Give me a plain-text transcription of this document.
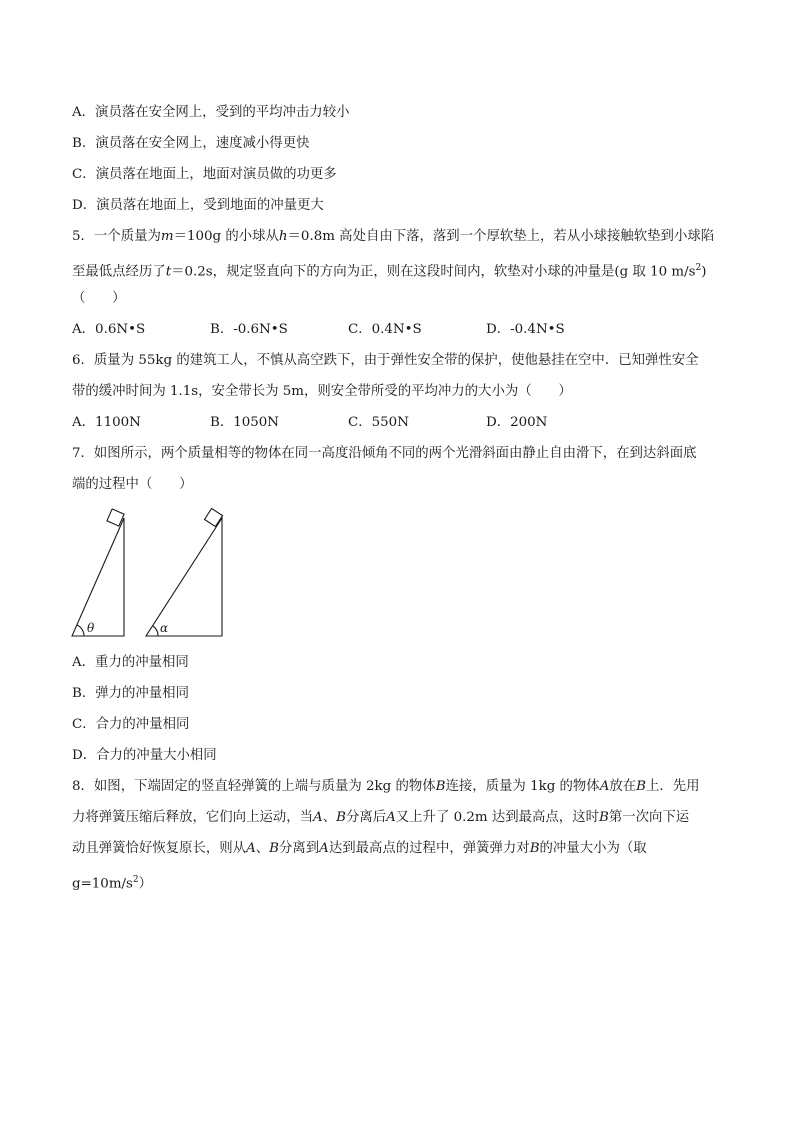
A．演员落在安全网上，受到的平均冲击力较小
B．演员落在安全网上，速度减小得更快
C．演员落在地面上，地面对演员做的功更多
D．演员落在地面上，受到地面的冲量更大
5．一个质量为m＝100g 的小球从h＝0.8m 高处自由下落，落到一个厚软垫上，若从小球接触软垫到小球陷
至最低点经历了t＝0.2s，规定竖直向下的方向为正，则在这段时间内，软垫对小球的冲量是(g 取 10 $m/s^2$)
（　　）
A．0.6N•S	B．-0.6N•S	C．0.4N•S	D．-0.4N•S
6．质量为 55kg 的建筑工人，不慎从高空跌下，由于弹性安全带的保护，使他悬挂在空中．已知弹性安全
带的缓冲时间为 1.1s，安全带长为 5m，则安全带所受的平均冲力的大小为（　　）
A．1100N	B．1050N	C．550N	D．200N
7．如图所示，两个质量相等的物体在同一高度沿倾角不同的两个光滑斜面由静止自由滑下，在到达斜面底
端的过程中（　　）
θ	α
A．重力的冲量相同
B．弹力的冲量相同
C．合力的冲量相同
D．合力的冲量大小相同
8．如图，下端固定的竖直轻弹簧的上端与质量为 2kg 的物体B连接，质量为 1kg 的物体A放在B上．先用
力将弹簧压缩后释放，它们向上运动，当A、B分离后A又上升了 0.2m 达到最高点，这时B第一次向下运
动且弹簧恰好恢复原长，则从A、B分离到A达到最高点的过程中，弹簧弹力对B的冲量大小为（取
$g=10m/s^2$）
